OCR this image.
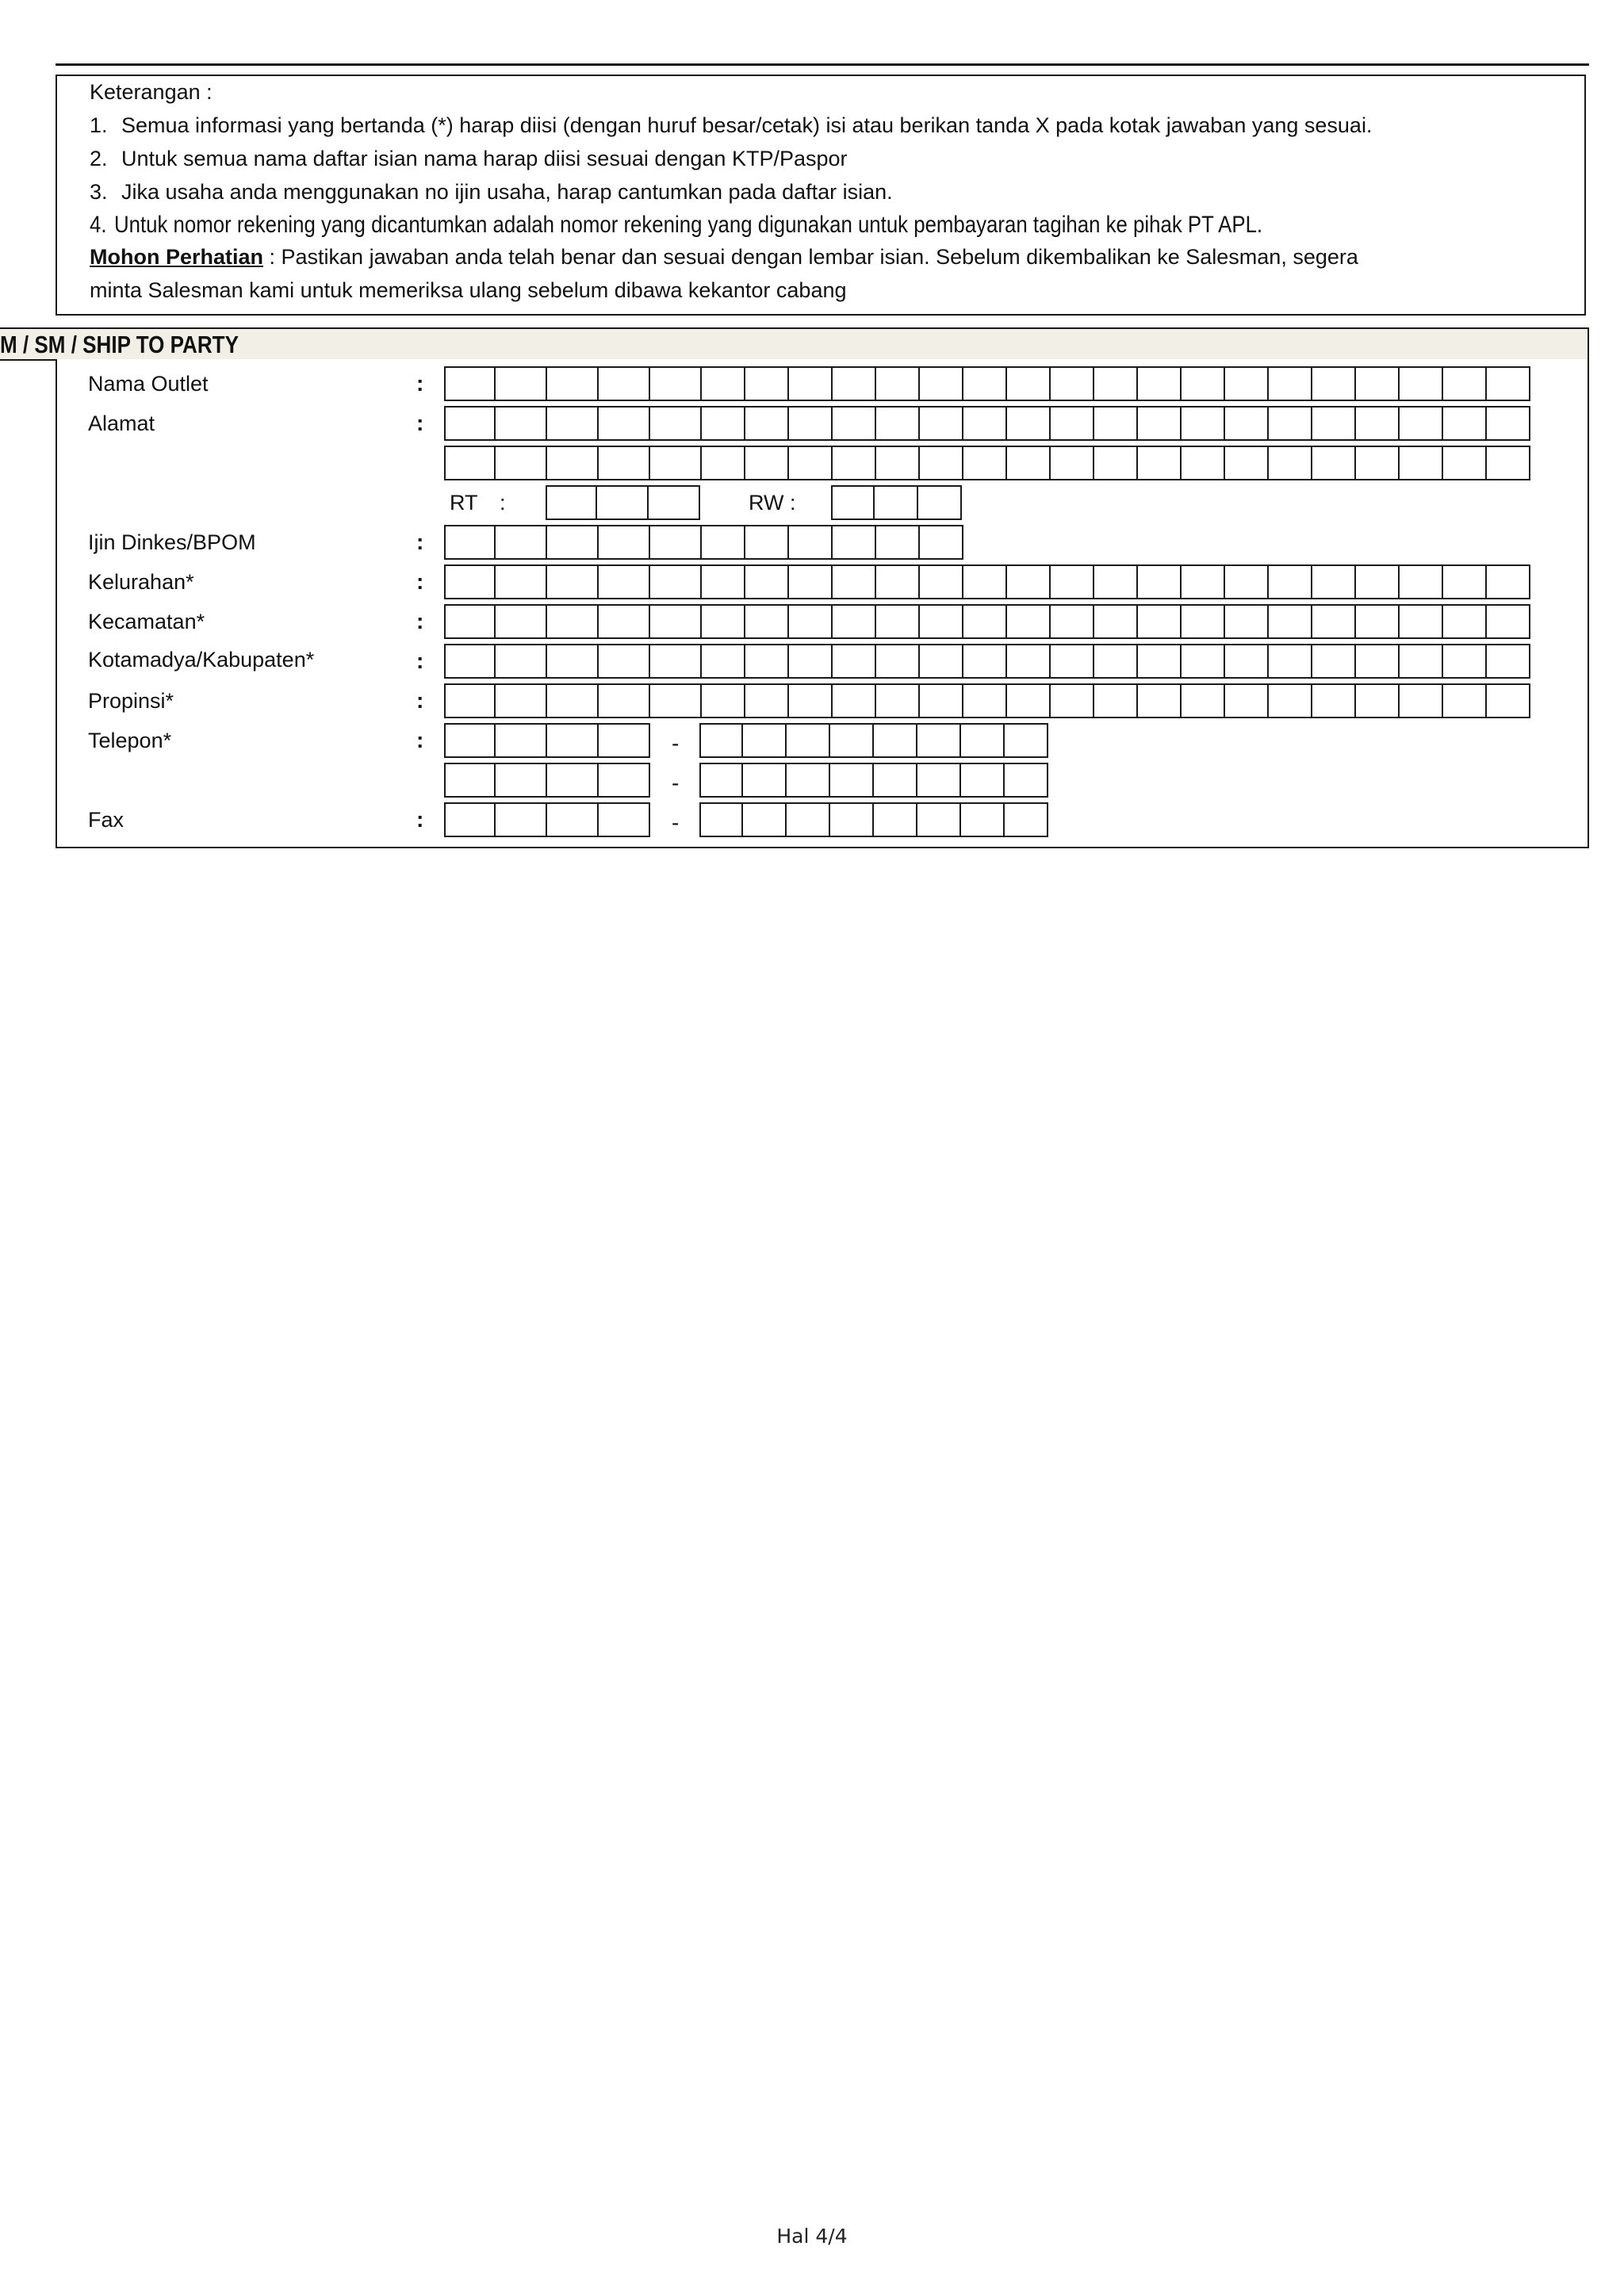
Keterangan :
1. Semua informasi yang bertanda (*) harap diisi (dengan huruf besar/cetak) isi atau berikan tanda X pada kotak jawaban yang sesuai.
2. Untuk semua nama daftar isian nama harap diisi sesuai dengan KTP/Paspor
3. Jika usaha anda menggunakan no ijin usaha, harap cantumkan pada daftar isian.
4. Untuk nomor rekening yang dicantumkan adalah nomor rekening yang digunakan untuk pembayaran tagihan ke pihak PT APL.
Mohon Perhatian : Pastikan jawaban anda telah benar dan sesuai dengan lembar isian. Sebelum dikembalikan ke Salesman, segera
minta Salesman kami untuk memeriksa ulang sebelum dibawa kekantor cabang
M / SM / SHIP TO PARTY
Nama Outlet	:
Alamat	:
RT :	RW :
Ijin Dinkes/BPOM	:
Kelurahan*	:
Kecamatan*	:
Kotamadya/Kabupaten*	:
Propinsi*	:
Telepon*	:	-
-
Fax	:	-
Hal 4/4
